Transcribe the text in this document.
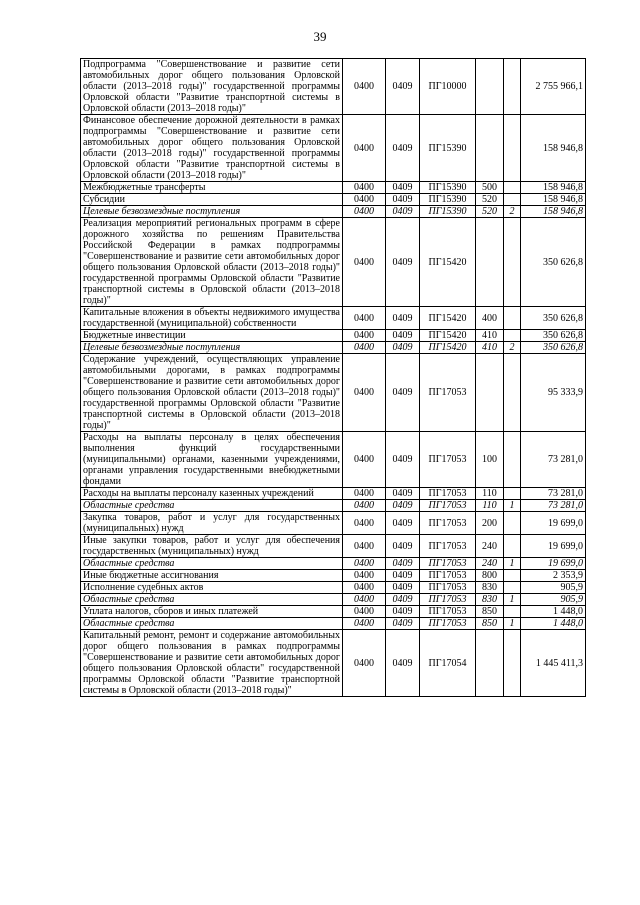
39
Подпрограмма "Совершенствование и развитие сети автомобильных дорог общего пользования Орловской области (2013–2018 годы)" государственной программы Орловской области "Развитие транспортной системы в Орловской области (2013–2018 годы)"	0400	0409	ПГ10000			2 755 966,1
Финансовое обеспечение дорожной деятельности в рамках подпрограммы "Совершенствование и развитие сети автомобильных дорог общего пользования Орловской области (2013–2018 годы)" государственной программы Орловской области "Развитие транспортной системы в Орловской области (2013–2018 годы)"	0400	0409	ПГ15390			158 946,8
Межбюджетные трансферты	0400	0409	ПГ15390	500		158 946,8
Субсидии	0400	0409	ПГ15390	520		158 946,8
Целевые безвозмездные поступления	0400	0409	ПГ15390	520	2	158 946,8
Реализация мероприятий региональных программ в сфере дорожного хозяйства по решениям Правительства Российской Федерации в рамках подпрограммы "Совершенствование и развитие сети автомобильных дорог общего пользования Орловской области (2013–2018 годы)" государственной программы Орловской области "Развитие транспортной системы в Орловской области (2013–2018 годы)"	0400	0409	ПГ15420			350 626,8
Капитальные вложения в объекты недвижимого имущества государственной (муниципальной) собственности	0400	0409	ПГ15420	400		350 626,8
Бюджетные инвестиции	0400	0409	ПГ15420	410		350 626,8
Целевые безвозмездные поступления	0400	0409	ПГ15420	410	2	350 626,8
Содержание учреждений, осуществляющих управление автомобильными дорогами, в рамках подпрограммы "Совершенствование и развитие сети автомобильных дорог общего пользования Орловской области (2013–2018 годы)" государственной программы Орловской области "Развитие транспортной системы в Орловской области (2013–2018 годы)"	0400	0409	ПГ17053			95 333,9
Расходы на выплаты персоналу в целях обеспечения выполнения функций государственными (муниципальными) органами, казенными учреждениями, органами управления государственными внебюджетными фондами	0400	0409	ПГ17053	100		73 281,0
Расходы на выплаты персоналу казенных учреждений	0400	0409	ПГ17053	110		73 281,0
Областные средства	0400	0409	ПГ17053	110	1	73 281,0
Закупка товаров, работ и услуг для государственных (муниципальных) нужд	0400	0409	ПГ17053	200		19 699,0
Иные закупки товаров, работ и услуг для обеспечения государственных (муниципальных) нужд	0400	0409	ПГ17053	240		19 699,0
Областные средства	0400	0409	ПГ17053	240	1	19 699,0
Иные бюджетные ассигнования	0400	0409	ПГ17053	800		2 353,9
Исполнение судебных актов	0400	0409	ПГ17053	830		905,9
Областные средства	0400	0409	ПГ17053	830	1	905,9
Уплата налогов, сборов и иных платежей	0400	0409	ПГ17053	850		1 448,0
Областные средства	0400	0409	ПГ17053	850	1	1 448,0
Капитальный ремонт, ремонт и содержание автомобильных дорог общего пользования в рамках подпрограммы "Совершенствование и развитие сети автомобильных дорог общего пользования Орловской области" государственной программы Орловской области "Развитие транспортной системы в Орловской области (2013–2018 годы)"	0400	0409	ПГ17054			1 445 411,3
